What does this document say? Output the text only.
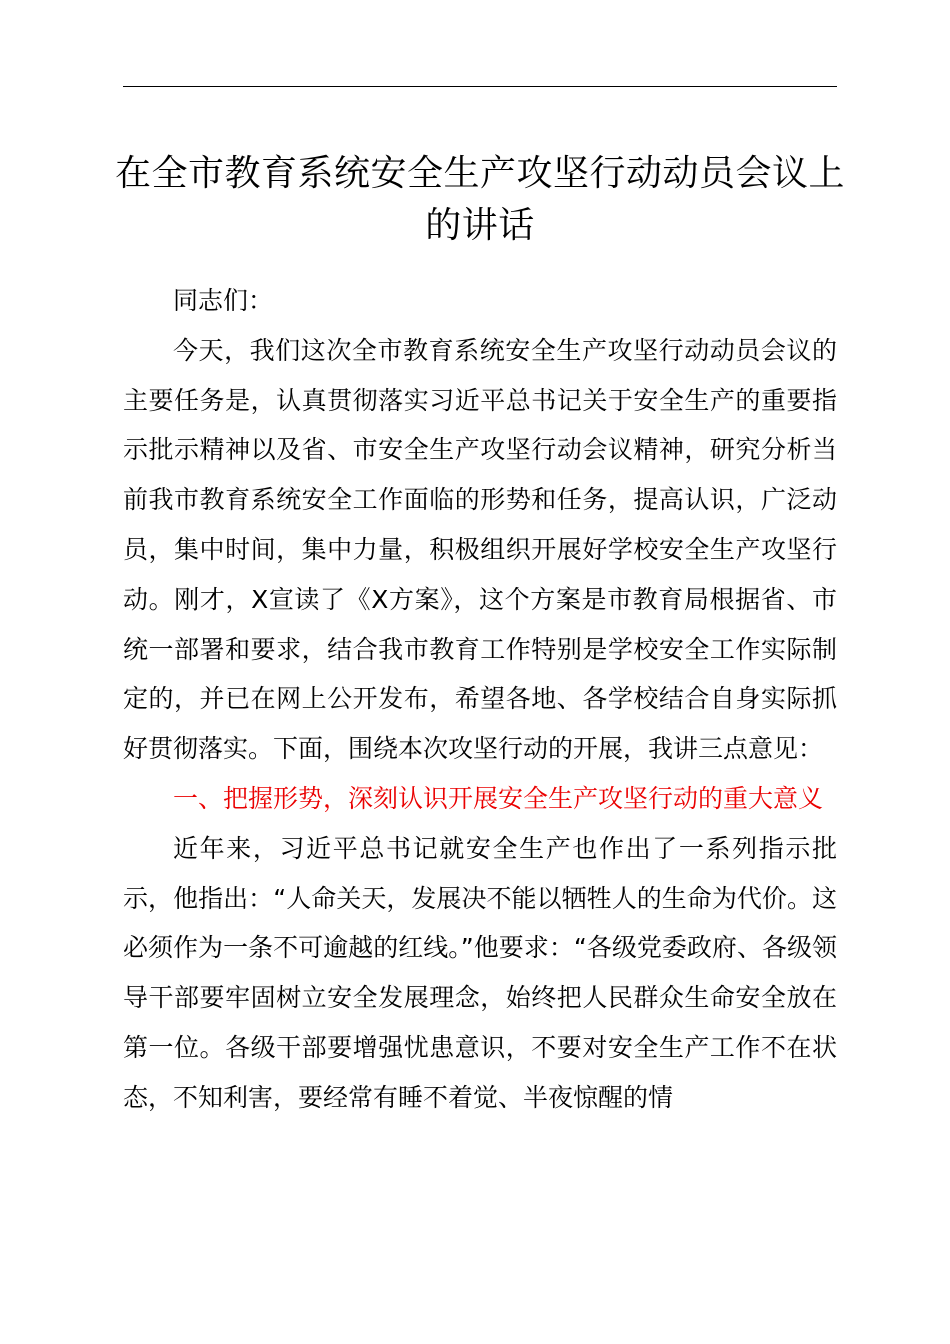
在全市教育系统安全生产攻坚行动动员会议上
的讲话

同志们：

今天，我们这次全市教育系统安全生产攻坚行动动员会议的主要任务是，认真贯彻落实习近平总书记关于安全生产的重要指示批示精神以及省、市安全生产攻坚行动会议精神，研究分析当前我市教育系统安全工作面临的形势和任务，提高认识，广泛动员，集中时间，集中力量，积极组织开展好学校安全生产攻坚行动。刚才，X宣读了《X方案》，这个方案是市教育局根据省、市统一部署和要求，结合我市教育工作特别是学校安全工作实际制定的，并已在网上公开发布，希望各地、各学校结合自身实际抓好贯彻落实。下面，围绕本次攻坚行动的开展，我讲三点意见：

一、把握形势，深刻认识开展安全生产攻坚行动的重大意义

近年来，习近平总书记就安全生产也作出了一系列指示批示，他指出：“人命关天，发展决不能以牺牲人的生命为代价。这必须作为一条不可逾越的红线。”他要求：“各级党委政府、各级领导干部要牢固树立安全发展理念，始终把人民群众生命安全放在第一位。各级干部要增强忧患意识，不要对安全生产工作不在状态，不知利害，要经常有睡不着觉、半夜惊醒的情
